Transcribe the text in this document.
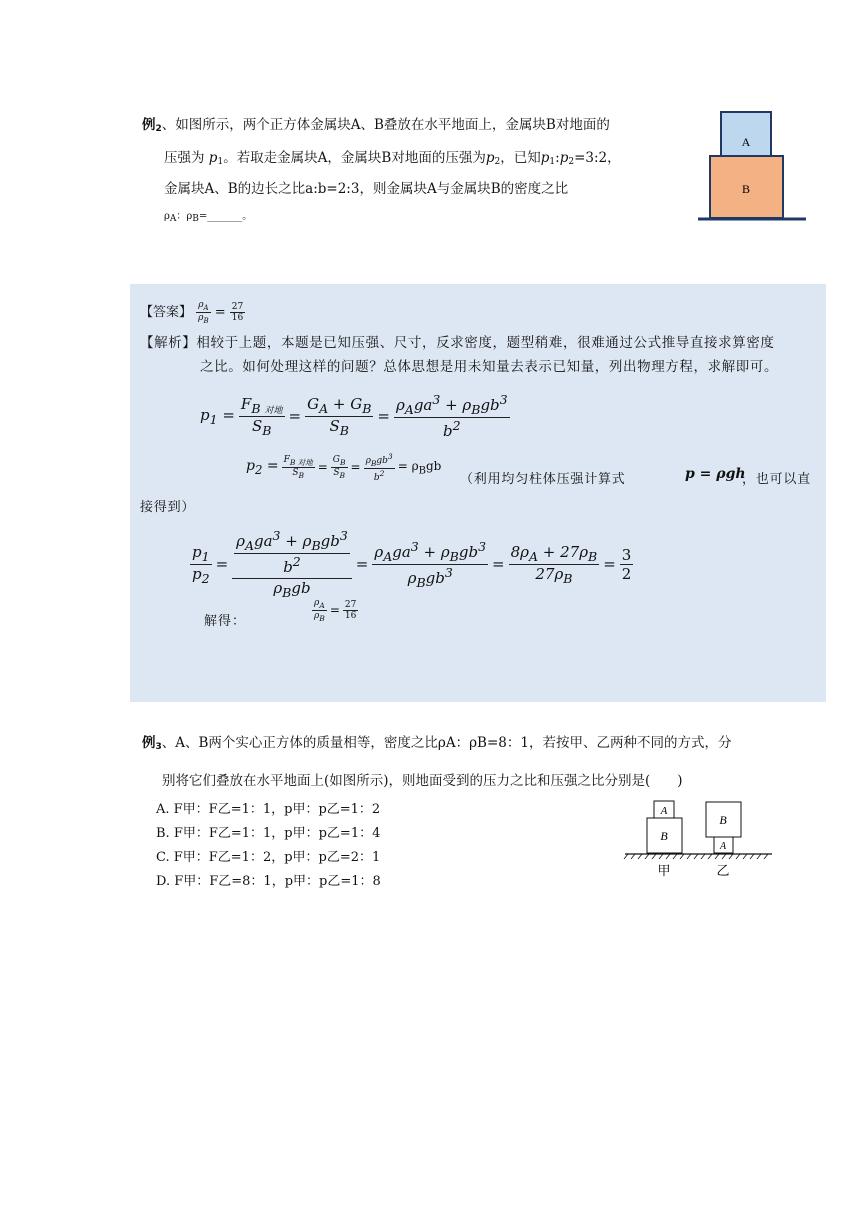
例$_2$、如图所示，两个正方体金属块A、B叠放在水平地面上，金属块B对地面的
压强为 $p_1$。若取走金属块A，金属块B对地面的压强为$p_2$，已知$p_1:p_2=3:2$，
金属块A、B的边长之比a:b=2:3，则金属块A与金属块B的密度之比
ρA：ρB=_______。
A
B
【答案】 $\frac{\rho_A}{\rho_B} = \frac{27}{16}$
【解析】相较于上题，本题是已知压强、尺寸，反求密度，题型稍难，很难通过公式推导直接求算密度
之比。如何处理这样的问题？总体思想是用未知量去表示已知量，列出物理方程，求解即可。
$p_1 = \frac{F_{B 对地}}{S_B} = \frac{G_A + G_B}{S_B} = \frac{\rho_Aga^3 + \rho_Bgb^3}{b^2}$
$p_2 = \frac{F_{B 对地}}{S_B} = \frac{G_B}{S_B} = \frac{\rho_Bgb^3}{b^2} = \rho_Bgb$
（利用均匀柱体压强计算式	p = ρgh
，也可以直
接得到）
$\frac{p_1}{p_2} = \frac{\frac{\rho_Aga^3 + \rho_Bgb^3}{b^2}}{\rho_Bgb} = \frac{\rho_Aga^3 + \rho_Bgb^3}{\rho_Bgb^3} = \frac{8\rho_A + 27\rho_B}{27\rho_B} = \frac{3}{2}$
解得：	$\frac{\rho_A}{\rho_B} = \frac{27}{16}$
例$_3$、A、B两个实心正方体的质量相等，密度之比ρA：ρB=8：1，若按甲、乙两种不同的方式，分
别将它们叠放在水平地面上(如图所示)，则地面受到的压力之比和压强之比分别是(　　)
A. F甲：F乙=1：1，p甲：p乙=1：2
B. F甲：F乙=1：1，p甲：p乙=1：4
C. F甲：F乙=1：2，p甲：p乙=2：1
D. F甲：F乙=8：1，p甲：p乙=1：8
A
B
B
A
甲	乙
